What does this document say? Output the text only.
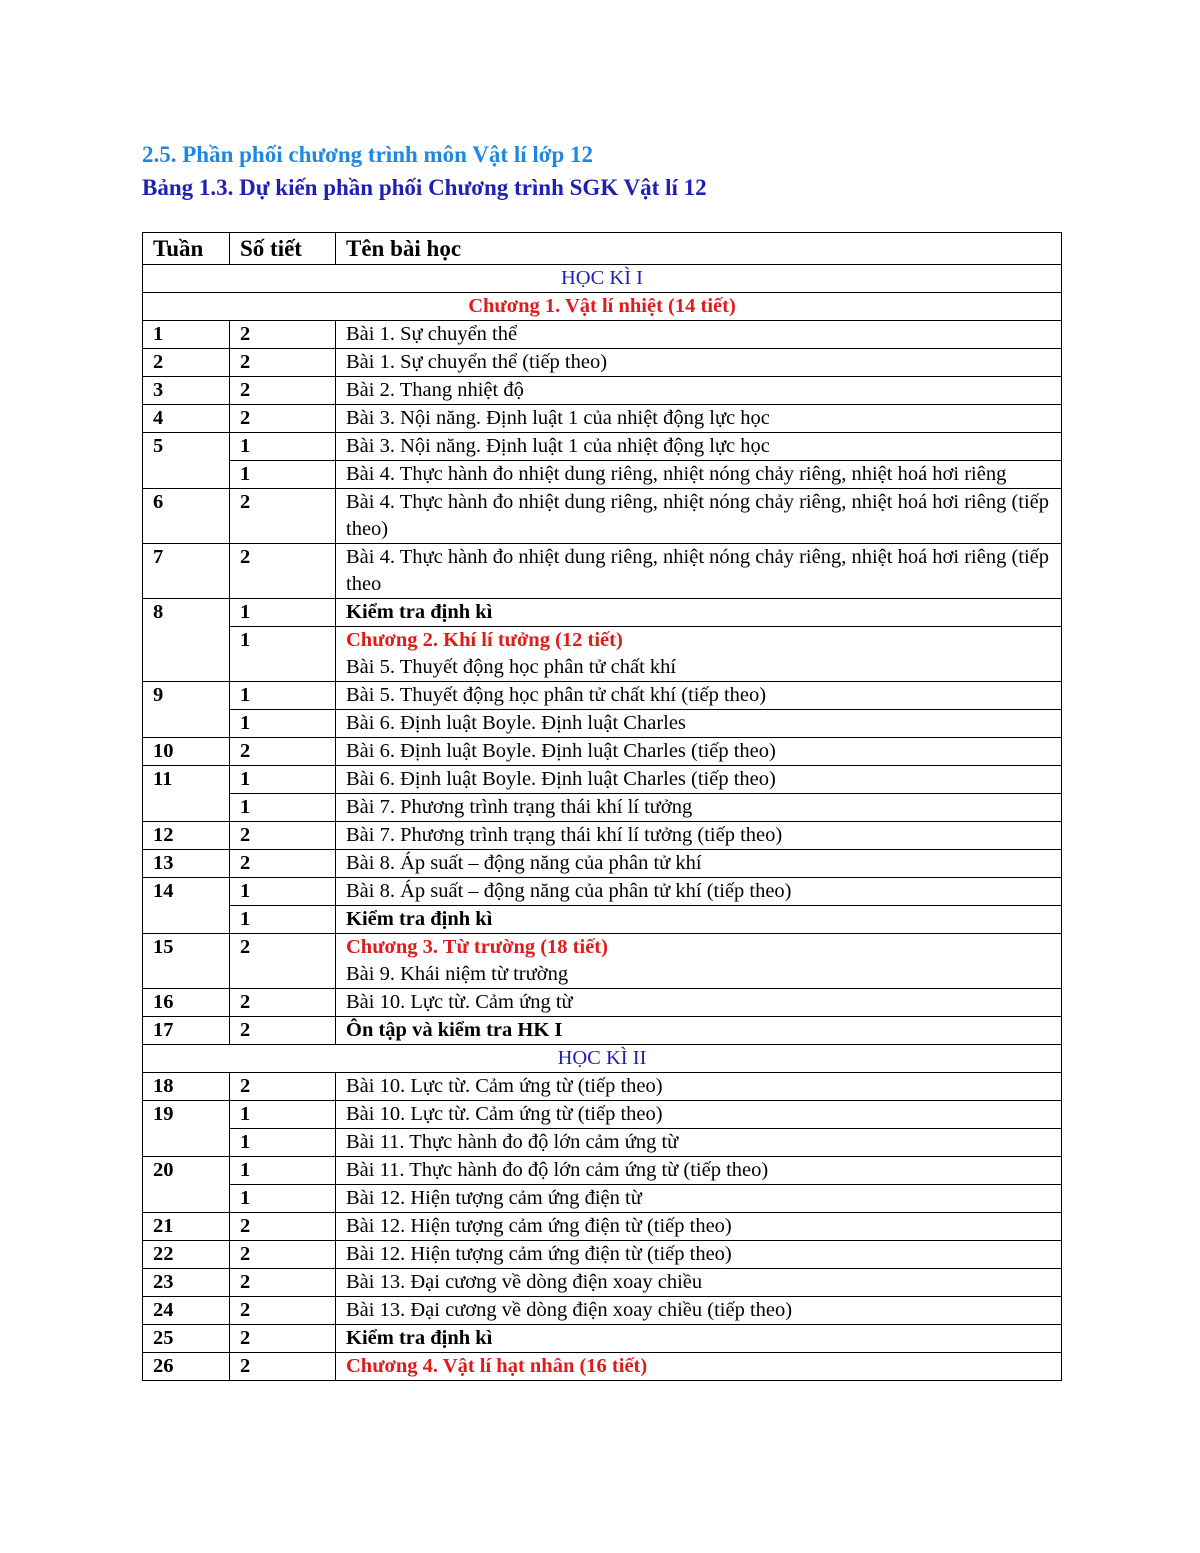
2.5. Phần phối chương trình môn Vật lí lớp 12
Bảng 1.3. Dự kiến phần phối Chương trình SGK Vật lí 12
Tuần	Số tiết	Tên bài học
HỌC KÌ I		
Chương 1. Vật lí nhiệt (14 tiết)		
1	2	Bài 1. Sự chuyển thể
2	2	Bài 1. Sự chuyển thể (tiếp theo)
3	2	Bài 2. Thang nhiệt độ
4	2	Bài 3. Nội năng. Định luật 1 của nhiệt động lực học
5	1	Bài 3. Nội năng. Định luật 1 của nhiệt động lực học
	1	Bài 4. Thực hành đo nhiệt dung riêng, nhiệt nóng chảy riêng, nhiệt hoá hơi riêng
6	2	Bài 4. Thực hành đo nhiệt dung riêng, nhiệt nóng chảy riêng, nhiệt hoá hơi riêng (tiếp theo)
7	2	Bài 4. Thực hành đo nhiệt dung riêng, nhiệt nóng chảy riêng, nhiệt hoá hơi riêng (tiếp theo
8	1	Kiểm tra định kì
	1	Chương 2. Khí lí tưởng (12 tiết)
Bài 5. Thuyết động học phân tử chất khí
9	1	Bài 5. Thuyết động học phân tử chất khí (tiếp theo)
	1	Bài 6. Định luật Boyle. Định luật Charles
10	2	Bài 6. Định luật Boyle. Định luật Charles (tiếp theo)
11	1	Bài 6. Định luật Boyle. Định luật Charles (tiếp theo)
	1	Bài 7. Phương trình trạng thái khí lí tưởng
12	2	Bài 7. Phương trình trạng thái khí lí tưởng (tiếp theo)
13	2	Bài 8. Áp suất – động năng của phân tử khí
14	1	Bài 8. Áp suất – động năng của phân tử khí (tiếp theo)
	1	Kiểm tra định kì
15	2	Chương 3. Từ trường (18 tiết)
Bài 9. Khái niệm từ trường
16	2	Bài 10. Lực từ. Cảm ứng từ
17	2	Ôn tập và kiểm tra HK I
HỌC KÌ II		
18	2	Bài 10. Lực từ. Cảm ứng từ (tiếp theo)
19	1	Bài 10. Lực từ. Cảm ứng từ (tiếp theo)
	1	Bài 11. Thực hành đo độ lớn cảm ứng từ
20	1	Bài 11. Thực hành đo độ lớn cảm ứng từ (tiếp theo)
	1	Bài 12. Hiện tượng cảm ứng điện từ
21	2	Bài 12. Hiện tượng cảm ứng điện từ (tiếp theo)
22	2	Bài 12. Hiện tượng cảm ứng điện từ (tiếp theo)
23	2	Bài 13. Đại cương về dòng điện xoay chiều
24	2	Bài 13. Đại cương về dòng điện xoay chiều (tiếp theo)
25	2	Kiểm tra định kì
26	2	Chương 4. Vật lí hạt nhân (16 tiết)
